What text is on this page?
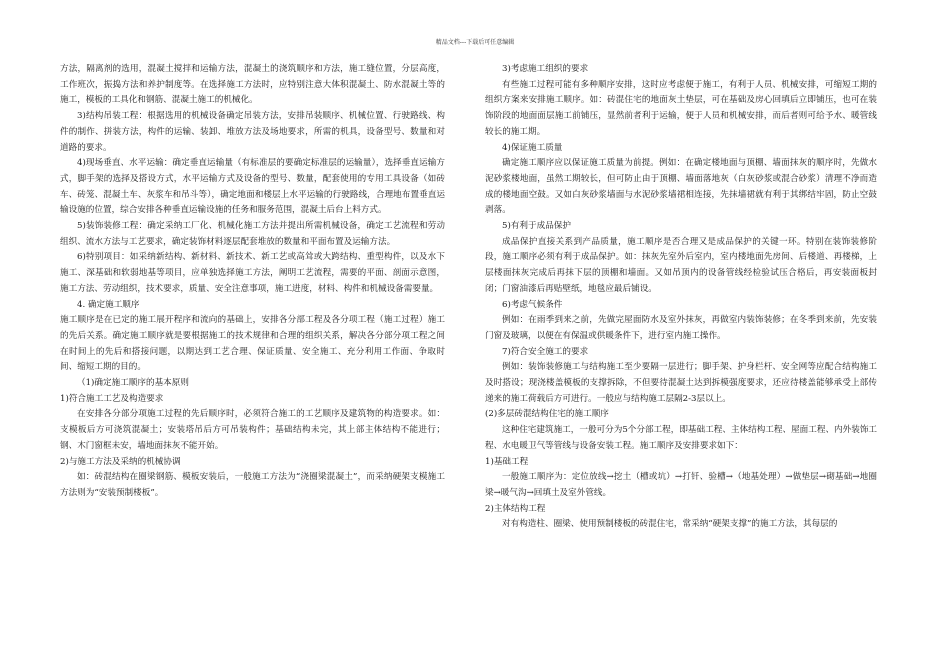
精品文档---下载后可任意编辑

方法，隔离剂的选用，混凝土搅拌和运输方法，混凝土的浇筑顺序和方法，施工缝位置，分层高度，工作班次，振捣方法和养护制度等。在选择施工方法时，应特别注意大体积混凝土、防水混凝土等的施工，模板的工具化和钢筋、混凝土施工的机械化。

3)结构吊装工程：根据选用的机械设备确定吊装方法，安排吊装顺序、机械位置、行驶路线、构件的制作、拼装方法，构件的运输、装卸、堆放方法及场地要求，所需的机具，设备型号、数量和对道路的要求。

4)现场垂直、水平运输：确定垂直运输量（有标准层的要确定标准层的运输量），选择垂直运输方式，脚手架的选择及搭设方式，水平运输方式及设备的型号、数量，配套使用的专用工具设备（如砖车、砖笼、混凝土车、灰浆车和吊斗等），确定地面和楼层上水平运输的行驶路线，合理地布置垂直运输设施的位置，综合安排各种垂直运输设施的任务和服务范围，混凝土后台上料方式。

5)装饰装修工程：确定采纳工厂化、机械化施工方法并提出所需机械设备，确定工艺流程和劳动组织、流水方法与工艺要求，确定装饰材料逐层配套堆放的数量和平面布置及运输方法。

6)特别项目：如采纳新结构、新材料、新技术、新工艺或高耸或大跨结构、重型构件，以及水下施工、深基础和软弱地基等项目，应单独选择施工方法，阐明工艺流程，需要的平面、剖面示意图，施工方法、劳动组织，技术要求，质量、安全注意事项，施工进度，材料、构件和机械设备需要量。

4. 确定施工顺序

施工顺序是在已定的施工展开程序和流向的基础上，安排各分部工程及各分项工程（施工过程）施工的先后关系。确定施工顺序就是要根据施工的技术规律和合理的组织关系，解决各分部分项工程之间在时间上的先后和搭接问题，以期达到工艺合理、保证质量、安全施工、充分利用工作面、争取时间、缩短工期的目的。

（1)确定施工顺序的基本原则

1)符合施工工艺及构造要求

在安排各分部分项施工过程的先后顺序时，必须符合施工的工艺顺序及建筑物的构造要求。如：支模板后方可浇筑混凝土；安装塔吊后方可吊装构件；基础结构未完，其上部主体结构不能进行；钢、木门窗框未安，墙地面抹灰不能开始。

2)与施工方法及采纳的机械协调

如：砖混结构在圈梁钢筋、模板安装后，一般施工方法为“浇圈梁混凝土”，而采纳硬架支模施工方法则为“安装预制楼板”。

3)考虑施工组织的要求

有些施工过程可能有多种顺序安排，这时应考虑便于施工，有利于人员、机械安排，可缩短工期的组织方案来安排施工顺序。如：砖混住宅的地面灰土垫层，可在基础及房心回填后立即铺压，也可在装饰阶段的地面面层施工前铺压，显然前者利于运输，便于人员和机械安排，而后者则可给予水、暖管线较长的施工期。

4)保证施工质量

确定施工顺序应以保证施工质量为前提。例如：在确定楼地面与顶棚、墙面抹灰的顺序时，先做水泥砂浆楼地面，虽然工期较长，但可防止由于顶棚、墙面落地灰（白灰砂浆或混合砂浆）清理不净而造成的楼地面空鼓。又如白灰砂浆墙面与水泥砂浆墙裙相连接，先抹墙裙就有利于其绑结牢固，防止空鼓剥落。

5)有利于成品保护

成品保护直接关系到产品质量，施工顺序是否合理又是成品保护的关键一环。特别在装饰装修阶段，施工顺序必须有利于成品保护。如：抹灰先室外后室内，室内楼地面先房间、后楼道、再楼梯，上层楼面抹灰完成后再抹下层的顶棚和墙面。又如吊顶内的设备管线经检验试压合格后，再安装面板封闭；门窗油漆后再贴壁纸，地毯应最后铺设。

6)考虑气候条件

例如：在雨季到来之前，先做完屋面防水及室外抹灰，再做室内装饰装修；在冬季到来前，先安装门窗及玻璃，以便在有保温或供暖条件下，进行室内施工操作。

7)符合安全施工的要求

例如：装饰装修施工与结构施工至少要隔一层进行；脚手架、护身栏杆、安全网等应配合结构施工及时搭设；现浇楼盖模板的支撑拆除，不但要待混凝土达到拆模强度要求，还应待楼盖能够承受上部传递来的施工荷载后方可进行。一般应与结构施工层隔2-3层以上。

(2)多层砖混结构住宅的施工顺序

这种住宅建筑施工，一般可分为5个分部工程，即基础工程、主体结构工程、屋面工程、内外装饰工程、水电暖卫气等管线与设备安装工程。施工顺序及安排要求如下：

1)基础工程

一般施工顺序为：定位放线→挖土（槽或坑）→打钎、验槽→（地基处理）→做垫层→砌基础→地圈梁→暖气沟→回填土及室外管线。

2)主体结构工程

对有构造柱、圈梁、使用预制楼板的砖混住宅，常采纳“硬架支撑”的施工方法，其每层的
